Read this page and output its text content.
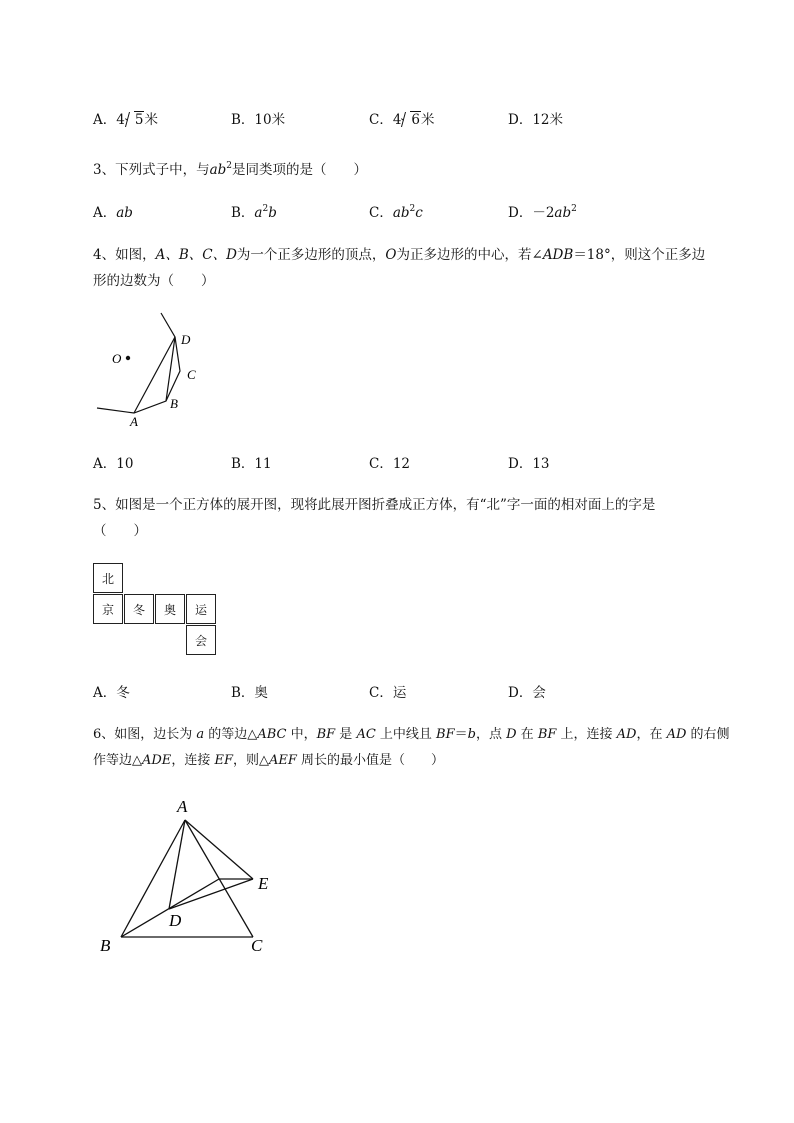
A．4 5米	B．10米	C．4 6米	D．12米
3、下列式子中，与$ab^2$是同类项的是（　　）
A．ab	B．$a^2b$	C．$ab^2c$	D．$-2ab^2$
4、如图，A、B、C、D为一个正多边形的顶点，O为正多边形的中心，若∠ADB＝18°，则这个正多边
形的边数为（　　）
D
C
B
A
O
A．10	B．11	C．12	D．13
5、如图是一个正方体的展开图，现将此展开图折叠成正方体，有“北”字一面的相对面上的字是
（　　）
北
京	冬	奥	运
会
A．冬	B．奥	C．运	D．会
6、如图，边长为 a 的等边△ABC 中，BF 是 AC 上中线且 BF＝b，点 D 在 BF 上，连接 AD，在 AD 的右侧
作等边△ADE，连接 EF，则△AEF 周长的最小值是（　　）
A
E
D
B	C
